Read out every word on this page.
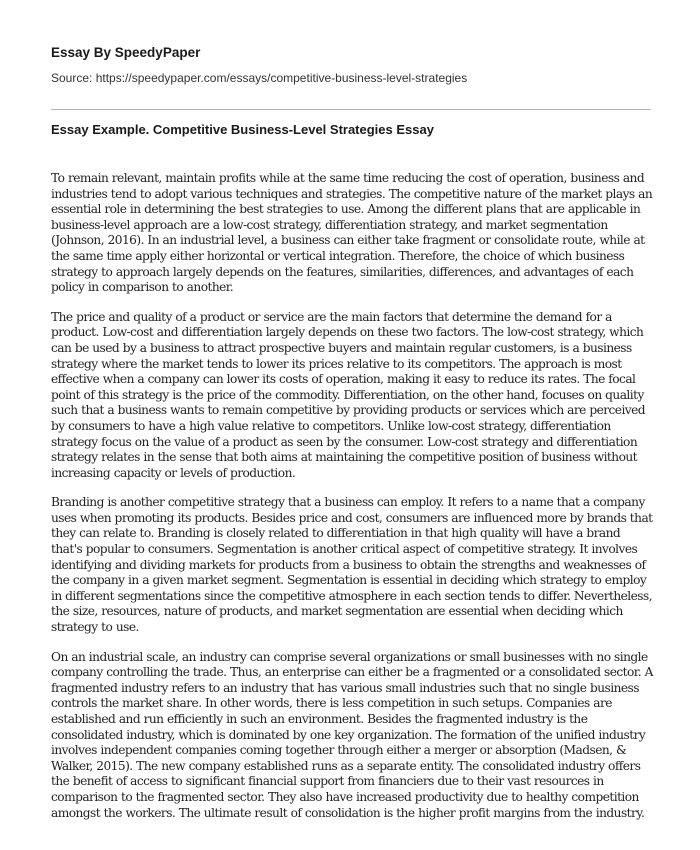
Essay By SpeedyPaper
Source: https://speedypaper.com/essays/competitive-business-level-strategies
Essay Example. Competitive Business-Level Strategies Essay

To remain relevant, maintain profits while at the same time reducing the cost of operation, business and industries tend to adopt various techniques and strategies. The competitive nature of the market plays an essential role in determining the best strategies to use. Among the different plans that are applicable in business-level approach are a low-cost strategy, differentiation strategy, and market segmentation (Johnson, 2016). In an industrial level, a business can either take fragment or consolidate route, while at the same time apply either horizontal or vertical integration. Therefore, the choice of which business strategy to approach largely depends on the features, similarities, differences, and advantages of each policy in comparison to another.

The price and quality of a product or service are the main factors that determine the demand for a product. Low-cost and differentiation largely depends on these two factors. The low-cost strategy, which can be used by a business to attract prospective buyers and maintain regular customers, is a business strategy where the market tends to lower its prices relative to its competitors. The approach is most effective when a company can lower its costs of operation, making it easy to reduce its rates. The focal point of this strategy is the price of the commodity. Differentiation, on the other hand, focuses on quality such that a business wants to remain competitive by providing products or services which are perceived by consumers to have a high value relative to competitors. Unlike low-cost strategy, differentiation strategy focus on the value of a product as seen by the consumer. Low-cost strategy and differentiation strategy relates in the sense that both aims at maintaining the competitive position of business without increasing capacity or levels of production.

Branding is another competitive strategy that a business can employ. It refers to a name that a company uses when promoting its products. Besides price and cost, consumers are influenced more by brands that they can relate to. Branding is closely related to differentiation in that high quality will have a brand that's popular to consumers. Segmentation is another critical aspect of competitive strategy. It involves identifying and dividing markets for products from a business to obtain the strengths and weaknesses of the company in a given market segment. Segmentation is essential in deciding which strategy to employ in different segmentations since the competitive atmosphere in each section tends to differ. Nevertheless, the size, resources, nature of products, and market segmentation are essential when deciding which strategy to use.

On an industrial scale, an industry can comprise several organizations or small businesses with no single company controlling the trade. Thus, an enterprise can either be a fragmented or a consolidated sector. A fragmented industry refers to an industry that has various small industries such that no single business controls the market share. In other words, there is less competition in such setups. Companies are established and run efficiently in such an environment. Besides the fragmented industry is the consolidated industry, which is dominated by one key organization. The formation of the unified industry involves independent companies coming together through either a merger or absorption (Madsen, & Walker, 2015). The new company established runs as a separate entity. The consolidated industry offers the benefit of access to significant financial support from financiers due to their vast resources in comparison to the fragmented sector. They also have increased productivity due to healthy competition amongst the workers. The ultimate result of consolidation is the higher profit margins from the industry.
